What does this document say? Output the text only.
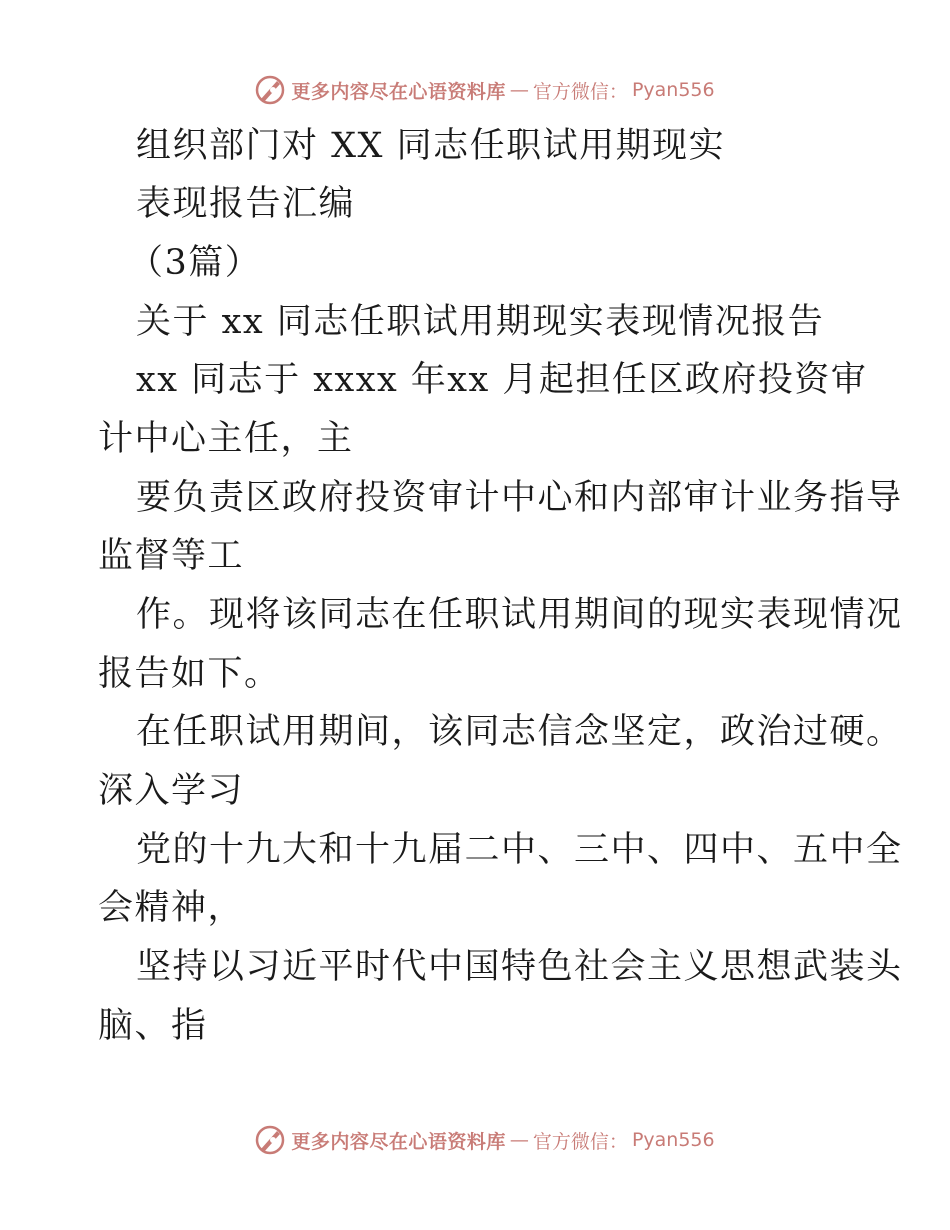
更多内容尽在心语资料库 — 官方微信： Pyan556
组织部门对 XX 同志任职试用期现实
表现报告汇编
（3篇）
关于 xx 同志任职试用期现实表现情况报告
xx 同志于 xxxx 年xx 月起担任区政府投资审
计中心主任，主
要负责区政府投资审计中心和内部审计业务指导
监督等工
作。现将该同志在任职试用期间的现实表现情况
报告如下。
在任职试用期间，该同志信念坚定，政治过硬。
深入学习
党的十九大和十九届二中、三中、四中、五中全
会精神，
坚持以习近平时代中国特色社会主义思想武装头
脑、指
更多内容尽在心语资料库 — 官方微信： Pyan556
